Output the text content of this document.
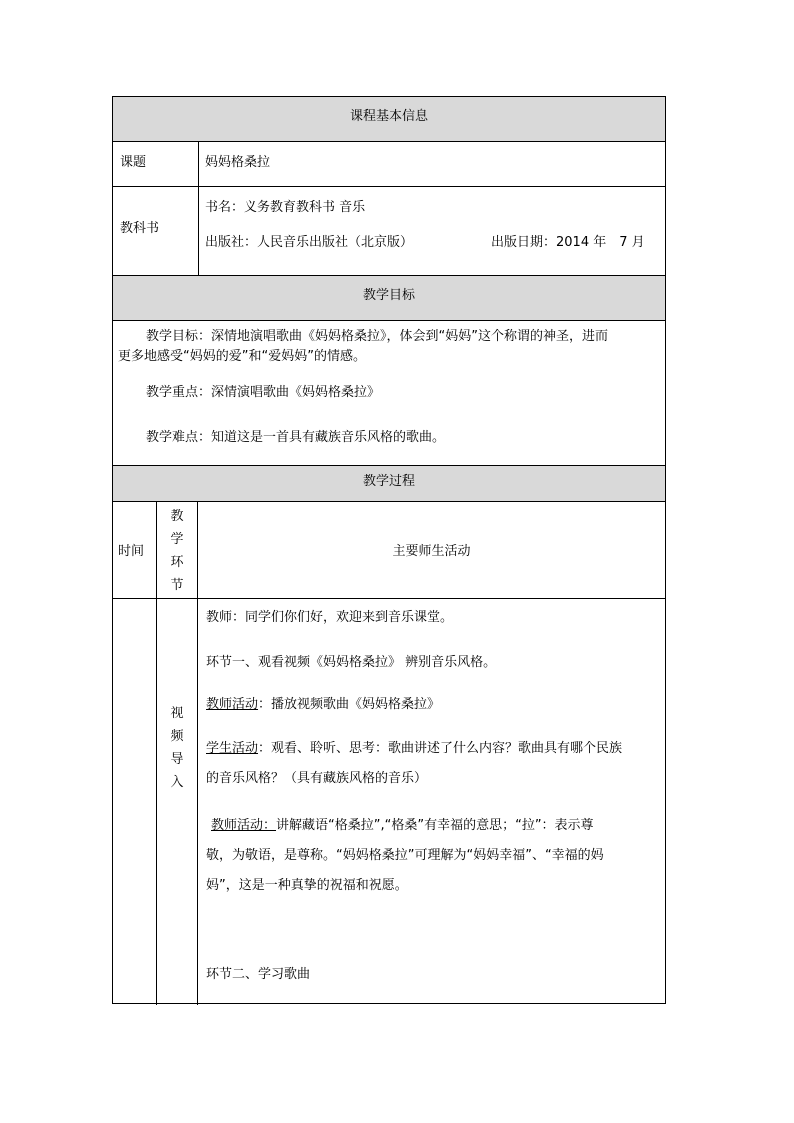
课程基本信息
课题	妈妈格桑拉
教科书
书名：义务教育教科书 音乐
出版社：人民音乐出版社（北京版）	出版日期：2014 年　7 月
教学目标
教学目标：深情地演唱歌曲《妈妈格桑拉》，体会到“妈妈”这个称谓的神圣，进而
更多地感受“妈妈的爱”和“爱妈妈”的情感。
教学重点：深情演唱歌曲《妈妈格桑拉》
教学难点：知道这是一首具有藏族音乐风格的歌曲。
教学过程
时间
教
学
环
节
主要师生活动
视
频
导
入
教师：同学们你们好，欢迎来到音乐课堂。
环节一、观看视频《妈妈格桑拉》 辨别音乐风格。
教师活动：播放视频歌曲《妈妈格桑拉》
学生活动：观看、聆听、思考：歌曲讲述了什么内容？歌曲具有哪个民族
的音乐风格？（具有藏族风格的音乐）
教师活动：讲解藏语“格桑拉”,“格桑”有幸福的意思；“拉”：表示尊
敬，为敬语，是尊称。“妈妈格桑拉”可理解为“妈妈幸福”、“幸福的妈
妈”，这是一种真挚的祝福和祝愿。
环节二、学习歌曲
